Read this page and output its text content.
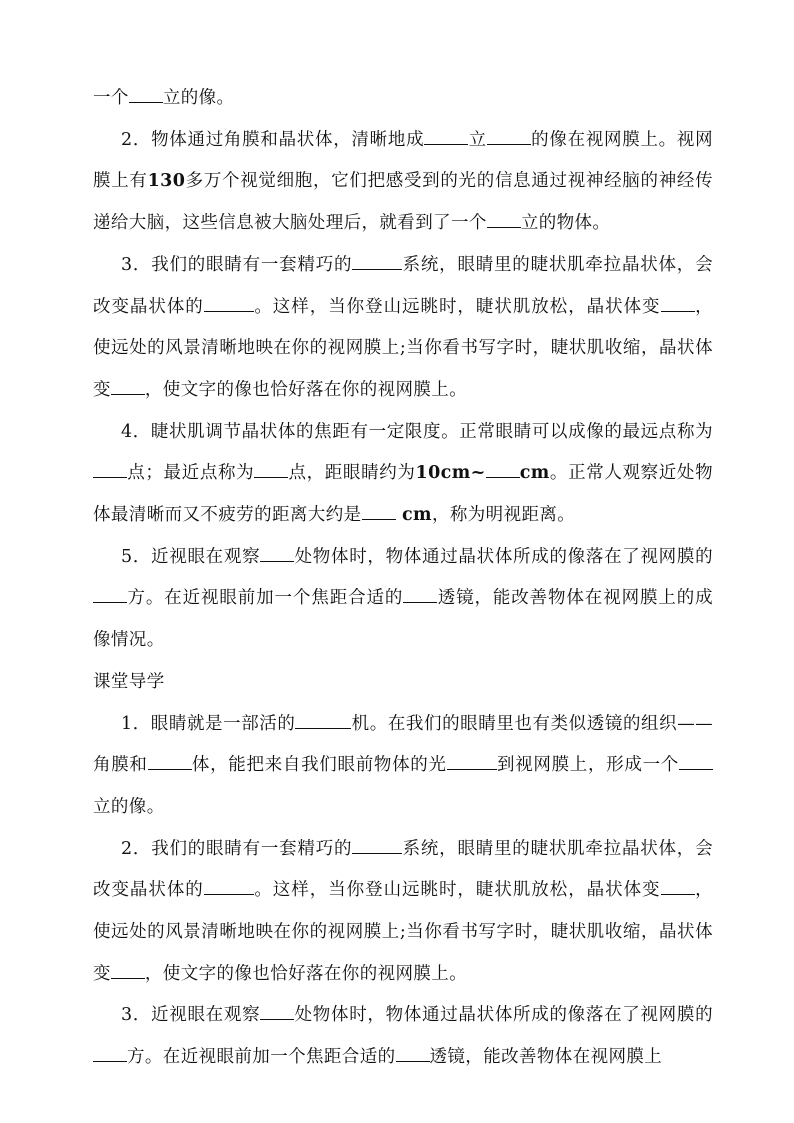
一个 立的像。

2．物体通过角膜和晶状体，清晰地成	立	的像在视网膜上。视网膜上有130多万个视觉细胞，它们把感受到的光的信息通过视神经脑的神经传递给大脑，这些信息被大脑处理后，就看到了一个 立的物体。

3．我们的眼睛有一套精巧的	系统，眼睛里的睫状肌牵拉晶状体，会改变晶状体的	。这样，当你登山远眺时，睫状肌放松，晶状体变 ，使远处的风景清晰地映在你的视网膜上;当你看书写字时，睫状肌收缩，晶状体变 ，使文字的像也恰好落在你的视网膜上。

4．睫状肌调节晶状体的焦距有一定限度。正常眼睛可以成像的最远点称为点；最近点称为 点，距眼睛约为10cm~ cm。正常人观察近处物体最清晰而又不疲劳的距离大约是 cm，称为明视距离。

5．近视眼在观察 处物体时，物体通过晶状体所成的像落在了视网膜的方。在近视眼前加一个焦距合适的 透镜，能改善物体在视网膜上的成像情况。

课堂导学

1．眼睛就是一部活的	机。在我们的眼睛里也有类似透镜的组织——角膜和	体，能把来自我们眼前物体的光	到视网膜上，形成一个立的像。

2．我们的眼睛有一套精巧的	系统，眼睛里的睫状肌牵拉晶状体，会改变晶状体的	。这样，当你登山远眺时，睫状肌放松，晶状体变 ，使远处的风景清晰地映在你的视网膜上;当你看书写字时，睫状肌收缩，晶状体变 ，使文字的像也恰好落在你的视网膜上。

3．近视眼在观察 处物体时，物体通过晶状体所成的像落在了视网膜的方。在近视眼前加一个焦距合适的 透镜，能改善物体在视网膜上
